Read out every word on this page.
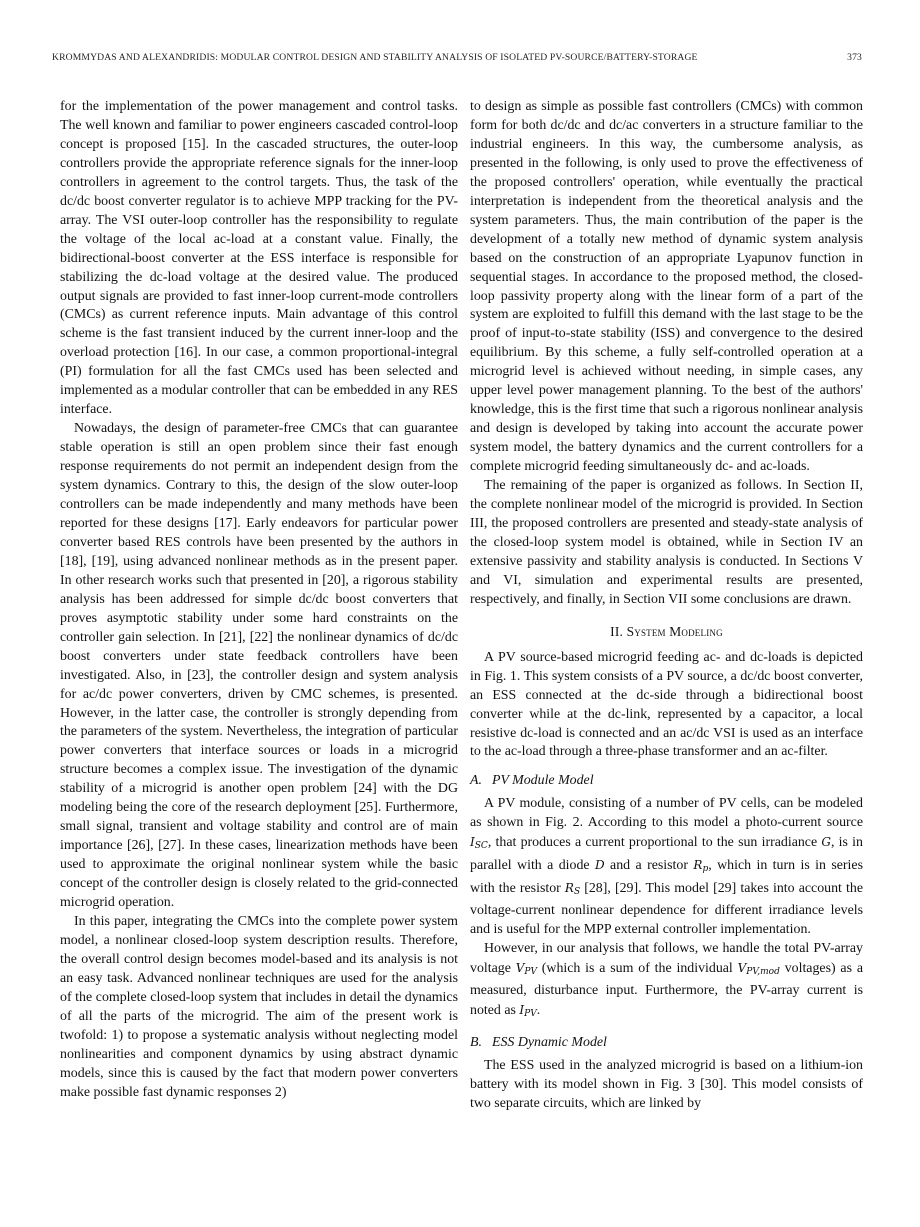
KROMMYDAS AND ALEXANDRIDIS: MODULAR CONTROL DESIGN AND STABILITY ANALYSIS OF ISOLATED PV-SOURCE/BATTERY-STORAGE	373

for the implementation of the power management and control tasks. The well known and familiar to power engineers cascaded control-loop concept is proposed [15]. In the cascaded structures, the outer-loop controllers provide the appropriate reference signals for the inner-loop controllers in agreement to the control targets. Thus, the task of the dc/dc boost converter regulator is to achieve MPP tracking for the PV-array. The VSI outer-loop controller has the responsibility to regulate the voltage of the local ac-load at a constant value. Finally, the bidirectional-boost converter at the ESS interface is responsible for stabilizing the dc-load voltage at the desired value. The produced output signals are provided to fast inner-loop current-mode controllers (CMCs) as current reference inputs. Main advantage of this control scheme is the fast transient induced by the current inner-loop and the overload protection [16]. In our case, a common proportional-integral (PI) formulation for all the fast CMCs used has been selected and implemented as a modular controller that can be embedded in any RES interface.

Nowadays, the design of parameter-free CMCs that can guarantee stable operation is still an open problem since their fast enough response requirements do not permit an independent design from the system dynamics. Contrary to this, the design of the slow outer-loop controllers can be made independently and many methods have been reported for these designs [17]. Early endeavors for particular power converter based RES controls have been presented by the authors in [18], [19], using advanced nonlinear methods as in the present paper. In other research works such that presented in [20], a rigorous stability analysis has been addressed for simple dc/dc boost converters that proves asymptotic stability under some hard constraints on the controller gain selection. In [21], [22] the nonlinear dynamics of dc/dc boost converters under state feedback controllers have been investigated. Also, in [23], the controller design and system analysis for ac/dc power converters, driven by CMC schemes, is presented. However, in the latter case, the controller is strongly depending from the parameters of the system. Nevertheless, the integration of particular power converters that interface sources or loads in a microgrid structure becomes a complex issue. The investigation of the dynamic stability of a microgrid is another open problem [24] with the DG modeling being the core of the research deployment [25]. Furthermore, small signal, transient and voltage stability and control are of main importance [26], [27]. In these cases, linearization methods have been used to approximate the original nonlinear system while the basic concept of the controller design is closely related to the grid-connected microgrid operation.

In this paper, integrating the CMCs into the complete power system model, a nonlinear closed-loop system description results. Therefore, the overall control design becomes model-based and its analysis is not an easy task. Advanced nonlinear techniques are used for the analysis of the complete closed-loop system that includes in detail the dynamics of all the parts of the microgrid. The aim of the present work is twofold: 1) to propose a systematic analysis without neglecting model nonlinearities and component dynamics by using abstract dynamic models, since this is caused by the fact that modern power converters make possible fast dynamic responses 2)

to design as simple as possible fast controllers (CMCs) with common form for both dc/dc and dc/ac converters in a structure familiar to the industrial engineers. In this way, the cumbersome analysis, as presented in the following, is only used to prove the effectiveness of the proposed controllers' operation, while eventually the practical interpretation is independent from the theoretical analysis and the system parameters. Thus, the main contribution of the paper is the development of a totally new method of dynamic system analysis based on the construction of an appropriate Lyapunov function in sequential stages. In accordance to the proposed method, the closed-loop passivity property along with the linear form of a part of the system are exploited to fulfill this demand with the last stage to be the proof of input-to-state stability (ISS) and convergence to the desired equilibrium. By this scheme, a fully self-controlled operation at a microgrid level is achieved without needing, in simple cases, any upper level power management planning. To the best of the authors' knowledge, this is the first time that such a rigorous nonlinear analysis and design is developed by taking into account the accurate power system model, the battery dynamics and the current controllers for a complete microgrid feeding simultaneously dc- and ac-loads.

The remaining of the paper is organized as follows. In Section II, the complete nonlinear model of the microgrid is provided. In Section III, the proposed controllers are presented and steady-state analysis of the closed-loop system model is obtained, while in Section IV an extensive passivity and stability analysis is conducted. In Sections V and VI, simulation and experimental results are presented, respectively, and finally, in Section VII some conclusions are drawn.

II. System Modeling

A PV source-based microgrid feeding ac- and dc-loads is depicted in Fig. 1. This system consists of a PV source, a dc/dc boost converter, an ESS connected at the dc-side through a bidirectional boost converter while at the dc-link, represented by a capacitor, a local resistive dc-load is connected and an ac/dc VSI is used as an interface to the ac-load through a three-phase transformer and an ac-filter.

A. PV Module Model

A PV module, consisting of a number of PV cells, can be modeled as shown in Fig. 2. According to this model a photo-current source $I_{SC}$, that produces a current proportional to the sun irradiance G, is in parallel with a diode D and a resistor $R_p$, which in turn is in series with the resistor $R_S$ [28], [29]. This model [29] takes into account the voltage-current nonlinear dependence for different irradiance levels and is useful for the MPP external controller implementation.

However, in our analysis that follows, we handle the total PV-array voltage $V_{PV}$ (which is a sum of the individual $V_{PV,mod}$ voltages) as a measured, disturbance input. Furthermore, the PV-array current is noted as $I_{PV}$.

B. ESS Dynamic Model

The ESS used in the analyzed microgrid is based on a lithium-ion battery with its model shown in Fig. 3 [30]. This model consists of two separate circuits, which are linked by
